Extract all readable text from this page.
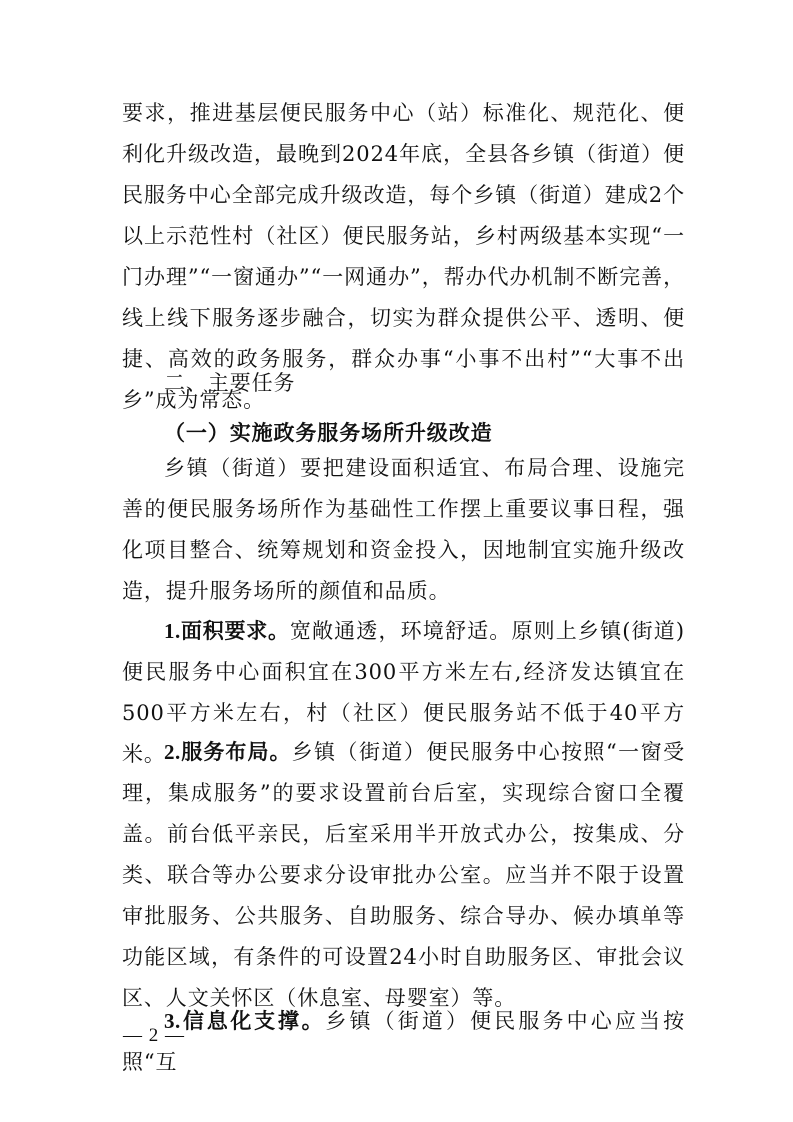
要求，推进基层便民服务中心（站）标准化、规范化、便利化升级改造，最晚到2024年底，全县各乡镇（街道）便民服务中心全部完成升级改造，每个乡镇（街道）建成2个以上示范性村（社区）便民服务站，乡村两级基本实现“一门办理”“一窗通办”“一网通办”，帮办代办机制不断完善，线上线下服务逐步融合，切实为群众提供公平、透明、便捷、高效的政务服务，群众办事“小事不出村”“大事不出乡”成为常态。

二、主要任务

（一）实施政务服务场所升级改造

乡镇（街道）要把建设面积适宜、布局合理、设施完善的便民服务场所作为基础性工作摆上重要议事日程，强化项目整合、统筹规划和资金投入，因地制宜实施升级改造，提升服务场所的颜值和品质。

1.面积要求。宽敞通透，环境舒适。原则上乡镇(街道)便民服务中心面积宜在300平方米左右,经济发达镇宜在500平方米左右，村（社区）便民服务站不低于40平方米。

2.服务布局。乡镇（街道）便民服务中心按照“一窗受理，集成服务”的要求设置前台后室，实现综合窗口全覆盖。前台低平亲民，后室采用半开放式办公，按集成、分类、联合等办公要求分设审批办公室。应当并不限于设置审批服务、公共服务、自助服务、综合导办、候办填单等功能区域，有条件的可设置24小时自助服务区、审批会议区、人文关怀区（休息室、母婴室）等。

3.信息化支撑。乡镇（街道）便民服务中心应当按照“互

— 2 —
